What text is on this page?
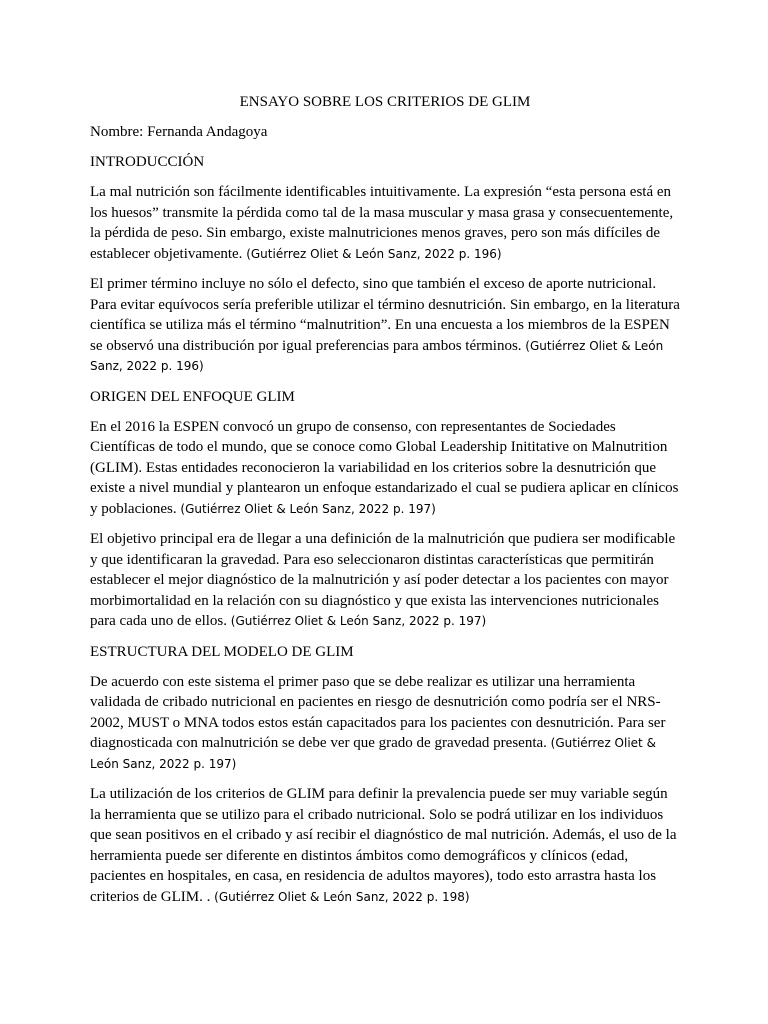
ENSAYO SOBRE LOS CRITERIOS DE GLIM
Nombre: Fernanda Andagoya
INTRODUCCIÓN

La mal nutrición son fácilmente identificables intuitivamente. La expresión “esta persona está en los huesos” transmite la pérdida como tal de la masa muscular y masa grasa y consecuentemente, la pérdida de peso. Sin embargo, existe malnutriciones menos graves, pero son más difíciles de establecer objetivamente. (Gutiérrez Oliet & León Sanz, 2022 p. 196)

El primer término incluye no sólo el defecto, sino que también el exceso de aporte nutricional. Para evitar equívocos sería preferible utilizar el término desnutrición. Sin embargo, en la literatura científica se utiliza más el término “malnutrition”. En una encuesta a los miembros de la ESPEN se observó una distribución por igual preferencias para ambos términos. (Gutiérrez Oliet & León Sanz, 2022 p. 196)

ORIGEN DEL ENFOQUE GLIM

En el 2016 la ESPEN convocó un grupo de consenso, con representantes de Sociedades Científicas de todo el mundo, que se conoce como Global Leadership Inititative on Malnutrition (GLIM). Estas entidades reconocieron la variabilidad en los criterios sobre la desnutrición que existe a nivel mundial y plantearon un enfoque estandarizado el cual se pudiera aplicar en clínicos y poblaciones. (Gutiérrez Oliet & León Sanz, 2022 p. 197)

El objetivo principal era de llegar a una definición de la malnutrición que pudiera ser modificable y que identificaran la gravedad. Para eso seleccionaron distintas características que permitirán establecer el mejor diagnóstico de la malnutrición y así poder detectar a los pacientes con mayor morbimortalidad en la relación con su diagnóstico y que exista las intervenciones nutricionales para cada uno de ellos. (Gutiérrez Oliet & León Sanz, 2022 p. 197)

ESTRUCTURA DEL MODELO DE GLIM

De acuerdo con este sistema el primer paso que se debe realizar es utilizar una herramienta validada de cribado nutricional en pacientes en riesgo de desnutrición como podría ser el NRS-2002, MUST o MNA todos estos están capacitados para los pacientes con desnutrición. Para ser diagnosticada con malnutrición se debe ver que grado de gravedad presenta. (Gutiérrez Oliet & León Sanz, 2022 p. 197)

La utilización de los criterios de GLIM para definir la prevalencia puede ser muy variable según la herramienta que se utilizo para el cribado nutricional. Solo se podrá utilizar en los individuos que sean positivos en el cribado y así recibir el diagnóstico de mal nutrición. Además, el uso de la herramienta puede ser diferente en distintos ámbitos como demográficos y clínicos (edad, pacientes en hospitales, en casa, en residencia de adultos mayores), todo esto arrastra hasta los criterios de GLIM. . (Gutiérrez Oliet & León Sanz, 2022 p. 198)
